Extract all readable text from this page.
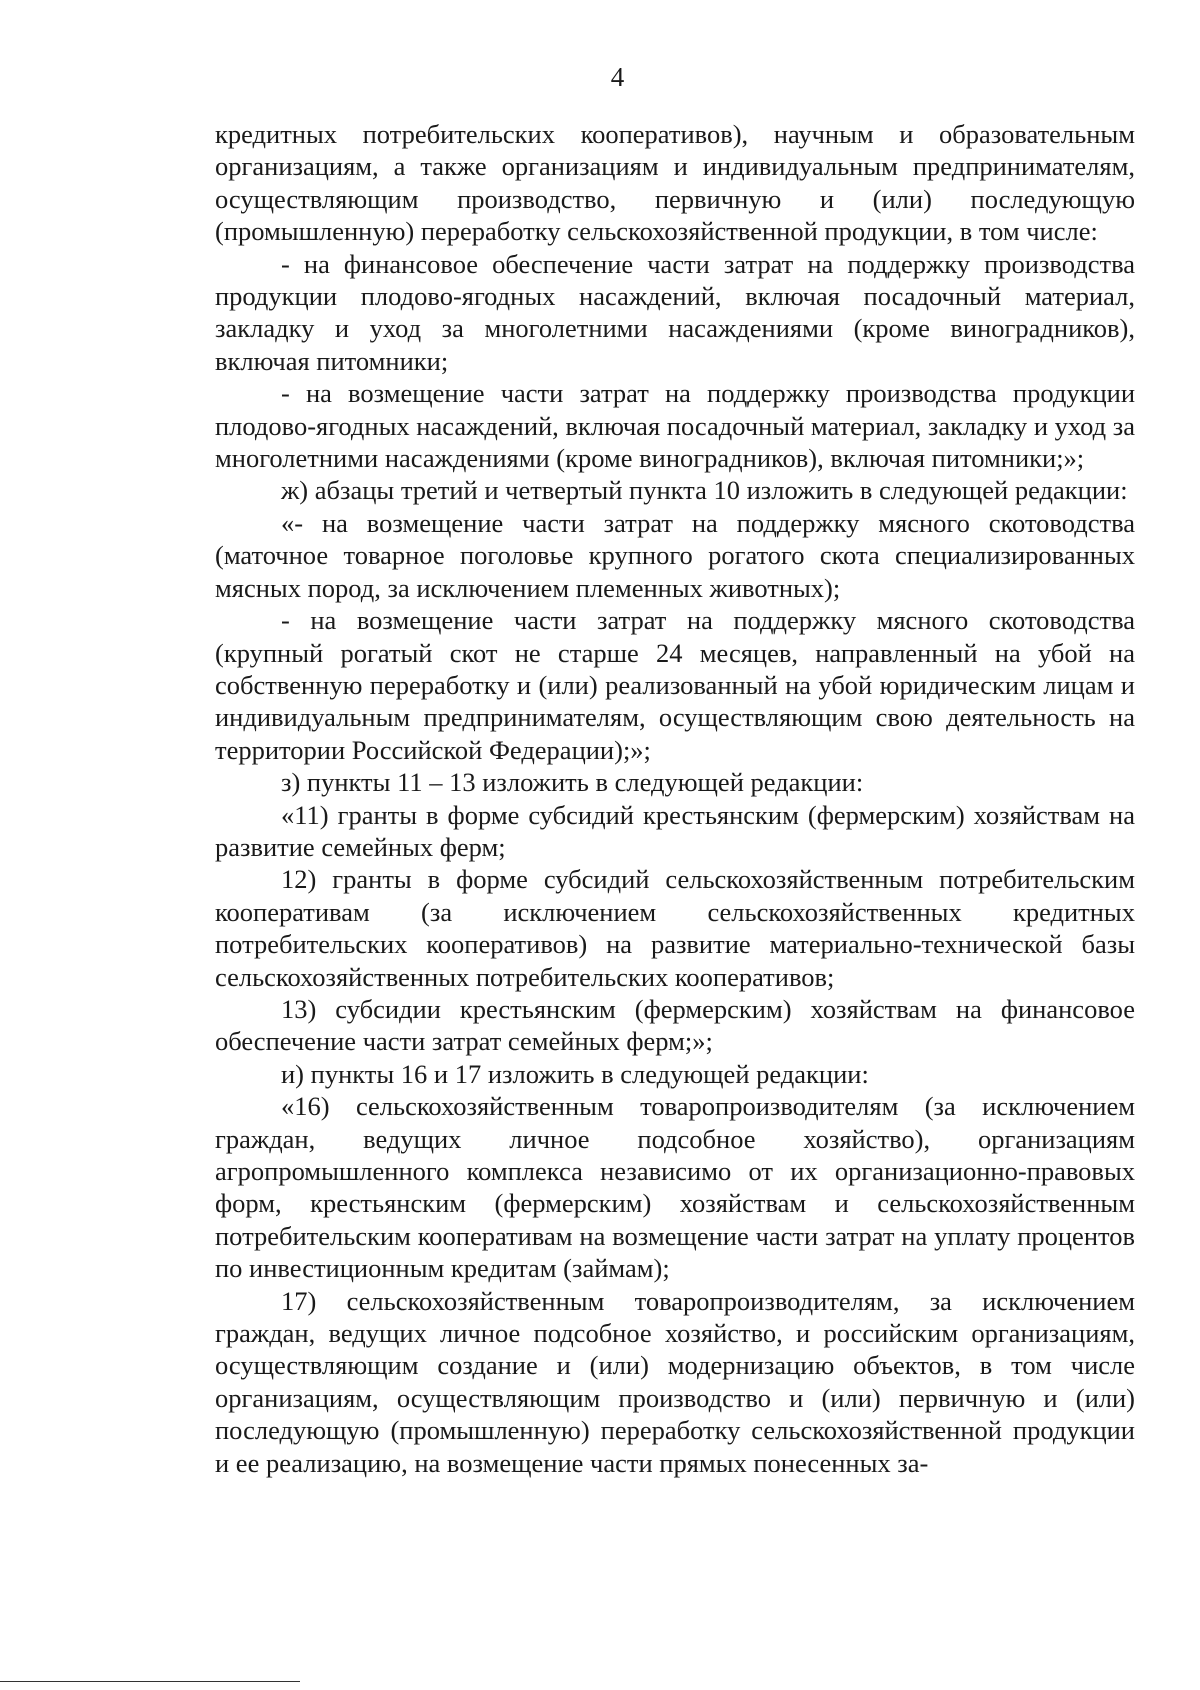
4

кредитных потребительских кооперативов), научным и образовательным организациям, а также организациям и индивидуальным предпринимателям, осуществляющим производство, первичную и (или) последующую (промышленную) переработку сельскохозяйственной продукции, в том числе:

- на финансовое обеспечение части затрат на поддержку производства продукции плодово-ягодных насаждений, включая посадочный материал, закладку и уход за многолетними насаждениями (кроме виноградников), включая питомники;

- на возмещение части затрат на поддержку производства продукции плодово-ягодных насаждений, включая посадочный материал, закладку и уход за многолетними насаждениями (кроме виноградников), включая питомники;»;

ж) абзацы третий и четвертый пункта 10 изложить в следующей редакции:

«- на возмещение части затрат на поддержку мясного скотоводства (маточное товарное поголовье крупного рогатого скота специализированных мясных пород, за исключением племенных животных);

- на возмещение части затрат на поддержку мясного скотоводства (крупный рогатый скот не старше 24 месяцев, направленный на убой на собственную переработку и (или) реализованный на убой юридическим лицам и индивидуальным предпринимателям, осуществляющим свою деятельность на территории Российской Федерации);»;

з) пункты 11 – 13 изложить в следующей редакции:

«11) гранты в форме субсидий крестьянским (фермерским) хозяйствам на развитие семейных ферм;

12) гранты в форме субсидий сельскохозяйственным потребительским кооперативам (за исключением сельскохозяйственных кредитных потребительских кооперативов) на развитие материально-технической базы сельскохозяйственных потребительских кооперативов;

13) субсидии крестьянским (фермерским) хозяйствам на финансовое обеспечение части затрат семейных ферм;»;

и) пункты 16 и 17 изложить в следующей редакции:

«16) сельскохозяйственным товаропроизводителям (за исключением граждан, ведущих личное подсобное хозяйство), организациям агропромышленного комплекса независимо от их организационно-правовых форм, крестьянским (фермерским) хозяйствам и сельскохозяйственным потребительским кооперативам на возмещение части затрат на уплату процентов по инвестиционным кредитам (займам);

17) сельскохозяйственным товаропроизводителям, за исключением граждан, ведущих личное подсобное хозяйство, и российским организациям, осуществляющим создание и (или) модернизацию объектов, в том числе организациям, осуществляющим производство и (или) первичную и (или) последующую (промышленную) переработку сельскохозяйственной продукции и ее реализацию, на возмещение части прямых понесенных за-
